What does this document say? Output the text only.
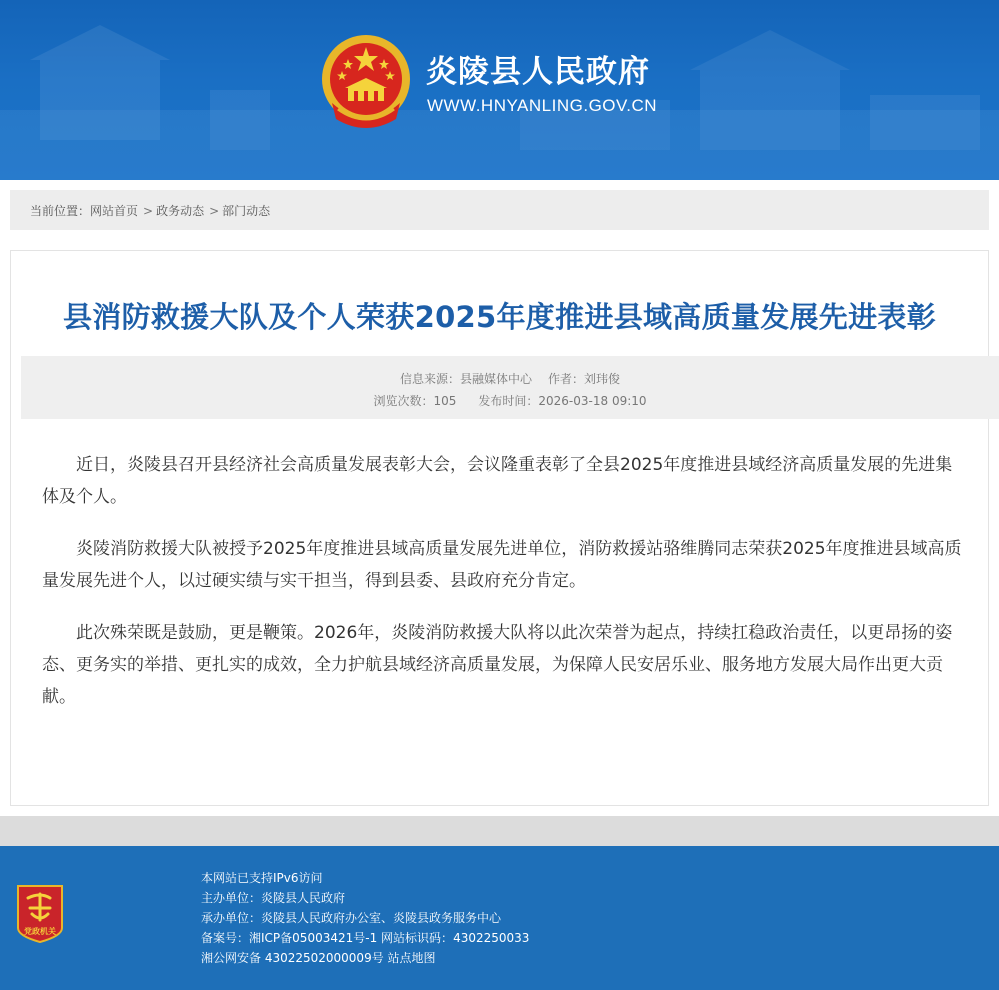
炎陵县人民政府
WWW.HNYANLING.GOV.CN
当前位置：网站首页 > 政务动态 > 部门动态
县消防救援大队及个人荣获2025年度推进县域高质量发展先进表彰
信息来源：县融媒体中心 作者：刘玮俊
浏览次数：105 发布时间：2026-03-18 09:10

近日，炎陵县召开县经济社会高质量发展表彰大会，会议隆重表彰了全县2025年度推进县域经济高质量发展的先进集体及个人。

炎陵消防救援大队被授予2025年度推进县域高质量发展先进单位，消防救援站骆维腾同志荣获2025年度推进县域高质量发展先进个人，以过硬实绩与实干担当，得到县委、县政府充分肯定。

此次殊荣既是鼓励，更是鞭策。2026年，炎陵消防救援大队将以此次荣誉为起点，持续扛稳政治责任，以更昂扬的姿态、更务实的举措、更扎实的成效，全力护航县域经济高质量发展，为保障人民安居乐业、服务地方发展大局作出更大贡献。

党政机关
本网站已支持IPv6访问
主办单位：炎陵县人民政府
承办单位：炎陵县人民政府办公室、炎陵县政务服务中心
备案号：湘ICP备05003421号-1 网站标识码：4302250033
湘公网安备 43022502000009号 站点地图
